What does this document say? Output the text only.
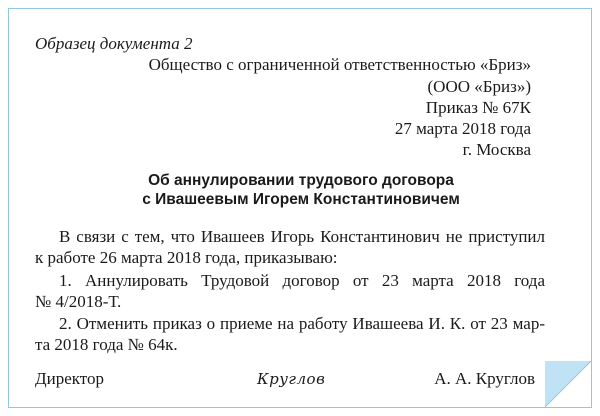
Образец документа 2
Общество с ограниченной ответственностью «Бриз»
(ООО «Бриз»)
Приказ № 67К
27 марта 2018 года
г. Москва
Об аннулировании трудового договора
с Ивашеевым Игорем Константиновичем
В связи с тем, что Ивашеев Игорь Константинович не приступил
к работе 26 марта 2018 года, приказываю:
1. Аннулировать Трудовой договор от 23 марта 2018 года
№ 4/2018-Т.
2. Отменить приказ о приеме на работу Ивашеева И. К. от 23 мар-
та 2018 года № 64к.
Директор	Круглов	А. А. Круглов
